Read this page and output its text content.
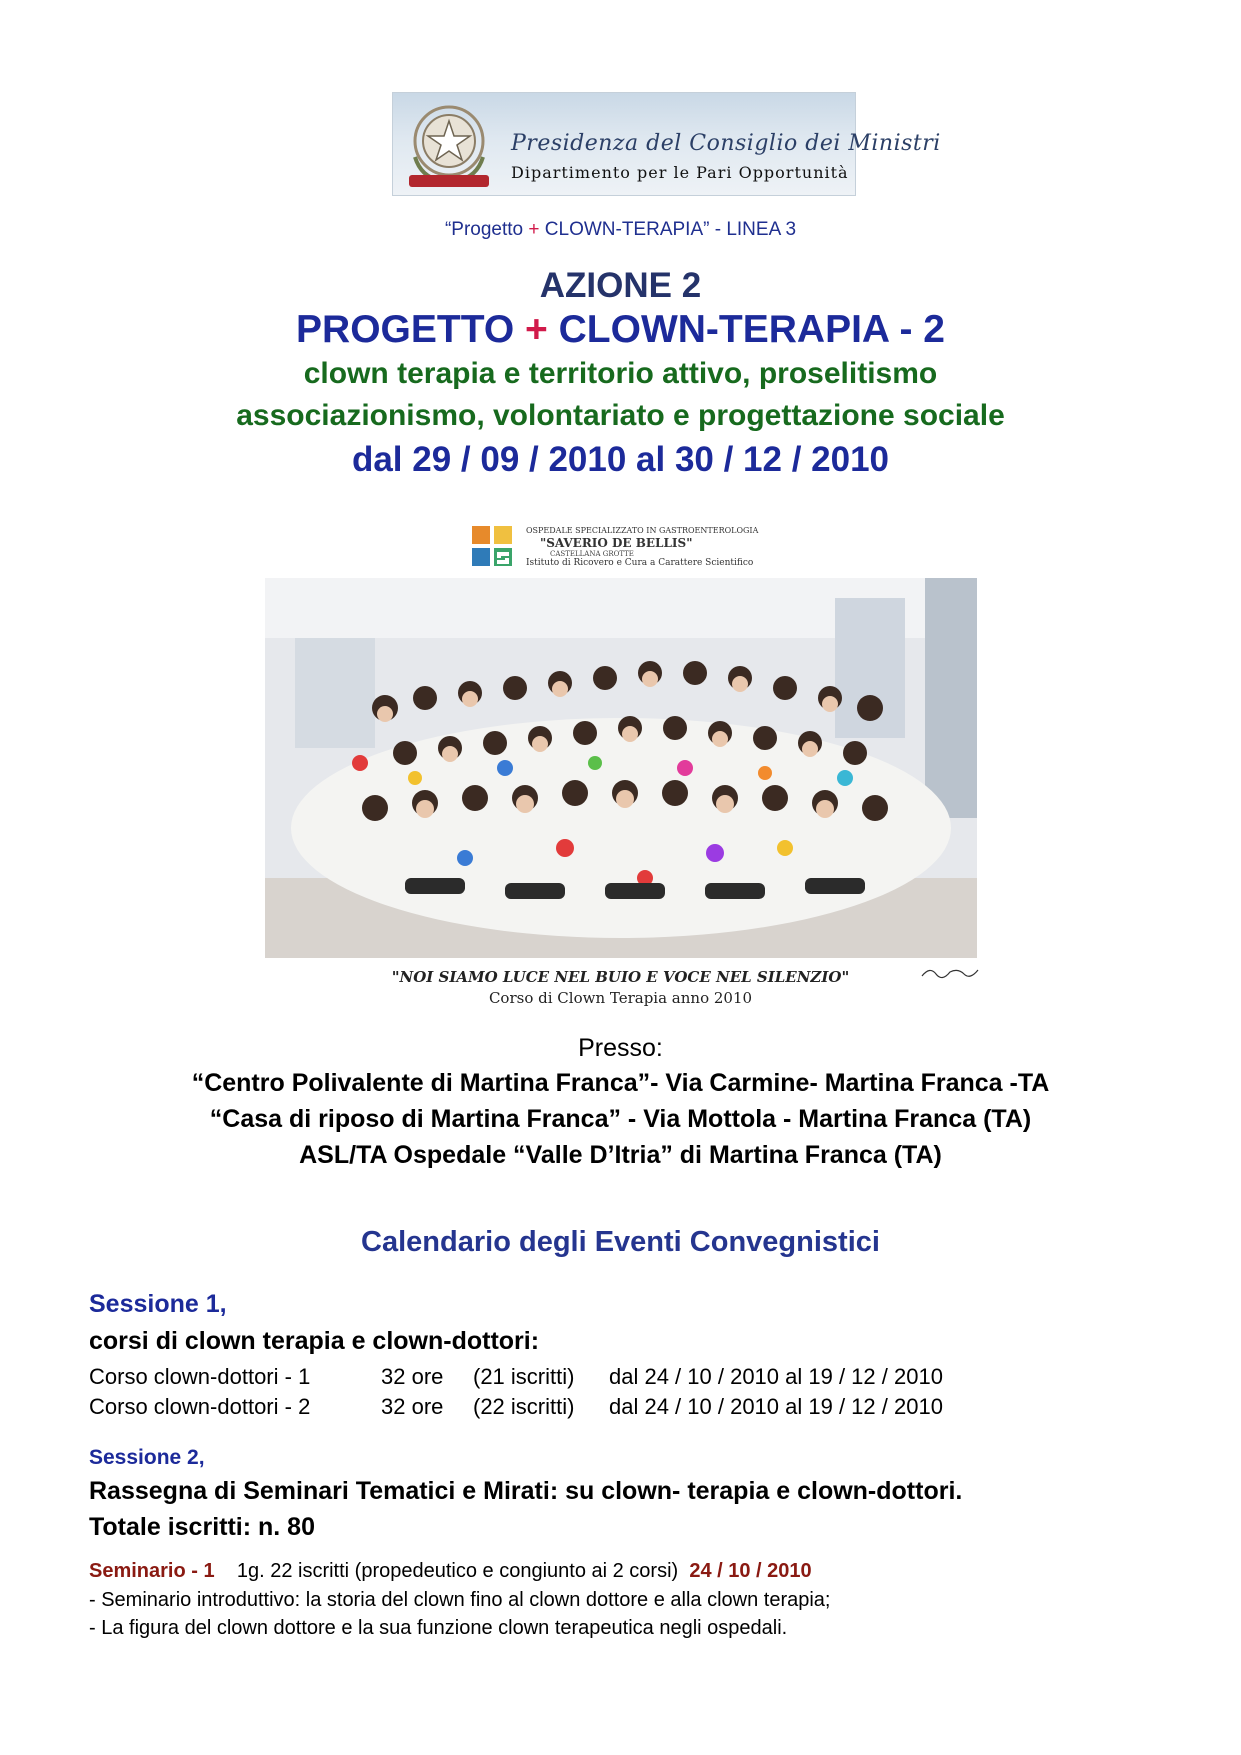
Presidenza del Consiglio dei Ministri
Dipartimento per le Pari Opportunità
“Progetto + CLOWN-TERAPIA” - LINEA 3
AZIONE 2
PROGETTO + CLOWN-TERAPIA - 2
clown terapia e territorio attivo, proselitismo
associazionismo, volontariato e progettazione sociale
dal 29 / 09 / 2010 al 30 / 12 / 2010
OSPEDALE SPECIALIZZATO IN GASTROENTEROLOGIA
"SAVERIO DE BELLIS"
CASTELLANA GROTTE
Istituto di Ricovero e Cura a Carattere Scientifico
"NOI SIAMO LUCE NEL BUIO E VOCE NEL SILENZIO"
Corso di Clown Terapia anno 2010
Presso:
“Centro Polivalente di Martina Franca”- Via Carmine- Martina Franca -TA
“Casa di riposo di Martina Franca” - Via Mottola - Martina Franca (TA)
ASL/TA Ospedale “Valle D’Itria” di Martina Franca (TA)
Calendario degli Eventi Convegnistici
Sessione 1,
corsi di clown terapia e clown-dottori:
Corso clown-dottori - 1	32 ore (21 iscritti) dal 24 / 10 / 2010 al 19 / 12 / 2010
Corso clown-dottori - 2	32 ore (22 iscritti) dal 24 / 10 / 2010 al 19 / 12 / 2010
Sessione 2,
Rassegna di Seminari Tematici e Mirati: su clown- terapia e clown-dottori.
Totale iscritti: n. 80
Seminario - 1 1g. 22 iscritti (propedeutico e congiunto ai 2 corsi) 24 / 10 / 2010
- Seminario introduttivo: la storia del clown fino al clown dottore e alla clown terapia;
- La figura del clown dottore e la sua funzione clown terapeutica negli ospedali.
